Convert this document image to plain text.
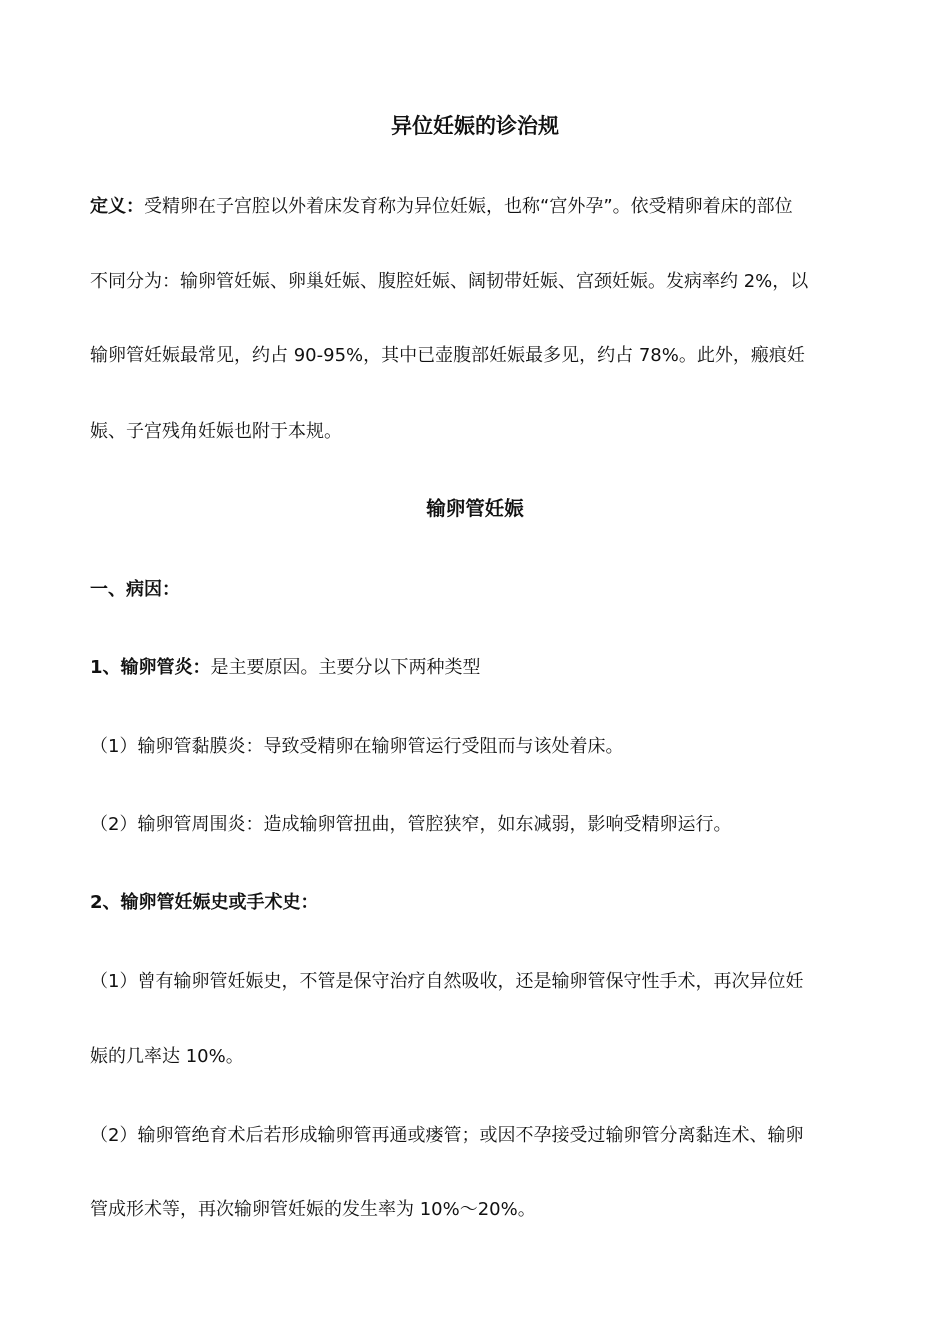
异位妊娠的诊治规
定义：受精卵在子宫腔以外着床发育称为异位妊娠，也称“宫外孕”。依受精卵着床的部位
不同分为：输卵管妊娠、卵巢妊娠、腹腔妊娠、阔韧带妊娠、宫颈妊娠。发病率约 2%，以
输卵管妊娠最常见，约占 90-95%，其中已壶腹部妊娠最多见，约占 78%。此外，瘢痕妊
娠、子宫残角妊娠也附于本规。
输卵管妊娠
一、病因：
1、输卵管炎：是主要原因。主要分以下两种类型
（1）输卵管黏膜炎：导致受精卵在输卵管运行受阻而与该处着床。
（2）输卵管周围炎：造成输卵管扭曲，管腔狭窄，如东减弱，影响受精卵运行。
2、输卵管妊娠史或手术史：
（1）曾有输卵管妊娠史，不管是保守治疗自然吸收，还是输卵管保守性手术，再次异位妊
娠的几率达 10%。
（2）输卵管绝育术后若形成输卵管再通或瘘管；或因不孕接受过输卵管分离黏连术、输卵
管成形术等，再次输卵管妊娠的发生率为 10%～20%。
